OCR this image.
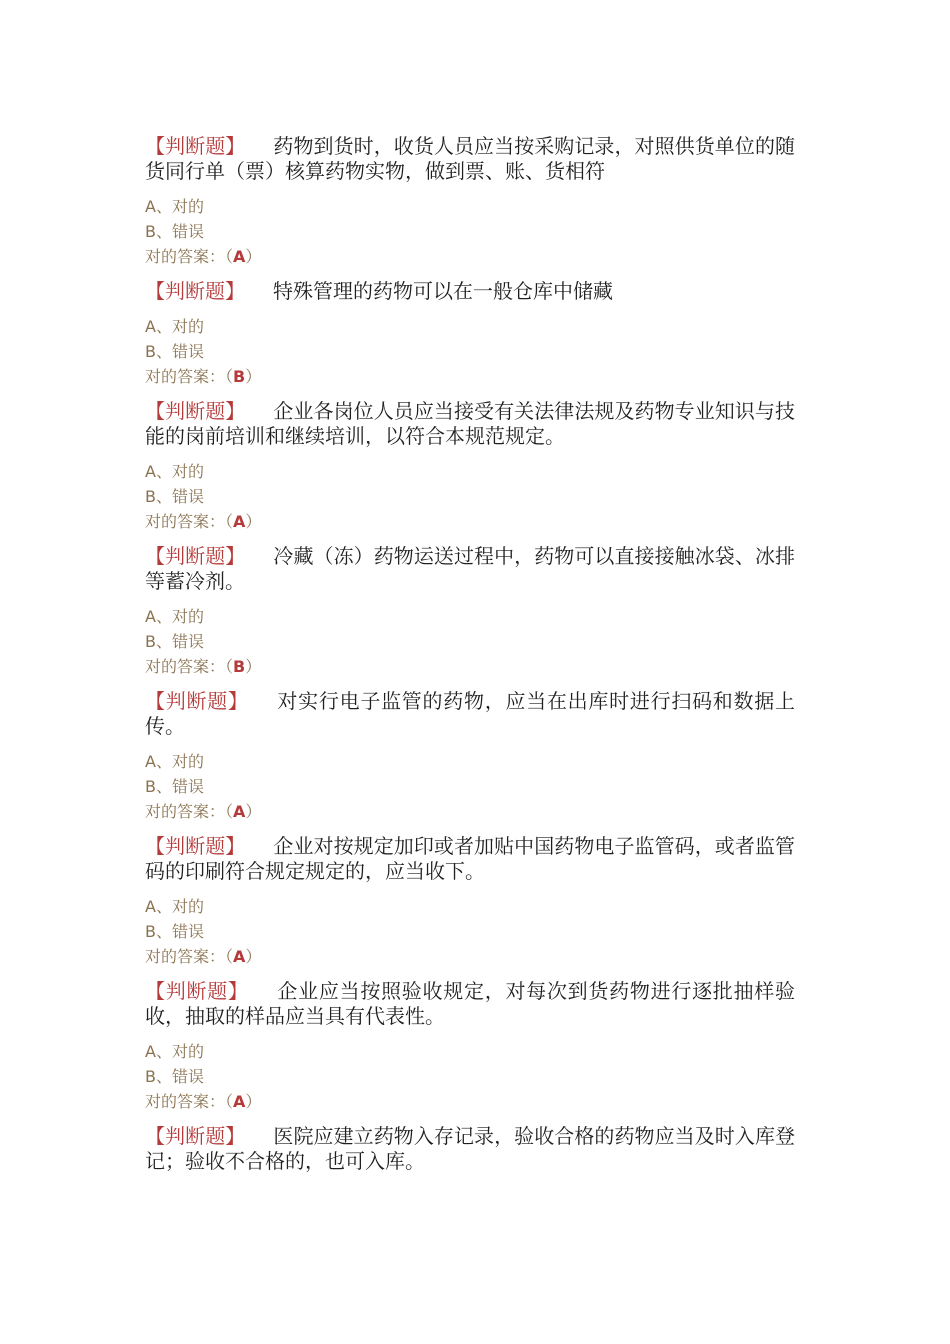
【判断题】 药物到货时，收货人员应当按采购记录，对照供货单位的随货同行单（票）核算药物实物，做到票、账、货相符

A、对的

B、错误

对的答案：（A）

【判断题】 特殊管理的药物可以在一般仓库中储藏

A、对的

B、错误

对的答案：（B）

【判断题】 企业各岗位人员应当接受有关法律法规及药物专业知识与技能的岗前培训和继续培训，以符合本规范规定。

A、对的

B、错误

对的答案：（A）

【判断题】 冷藏（冻）药物运送过程中，药物可以直接接触冰袋、冰排等蓄冷剂。

A、对的

B、错误

对的答案：（B）

【判断题】 对实行电子监管的药物，应当在出库时进行扫码和数据上传。

A、对的

B、错误

对的答案：（A）

【判断题】 企业对按规定加印或者加贴中国药物电子监管码，或者监管码的印刷符合规定规定的，应当收下。

A、对的

B、错误

对的答案：（A）

【判断题】 企业应当按照验收规定，对每次到货药物进行逐批抽样验收，抽取的样品应当具有代表性。

A、对的

B、错误

对的答案：（A）

【判断题】 医院应建立药物入存记录，验收合格的药物应当及时入库登记；验收不合格的，也可入库。
